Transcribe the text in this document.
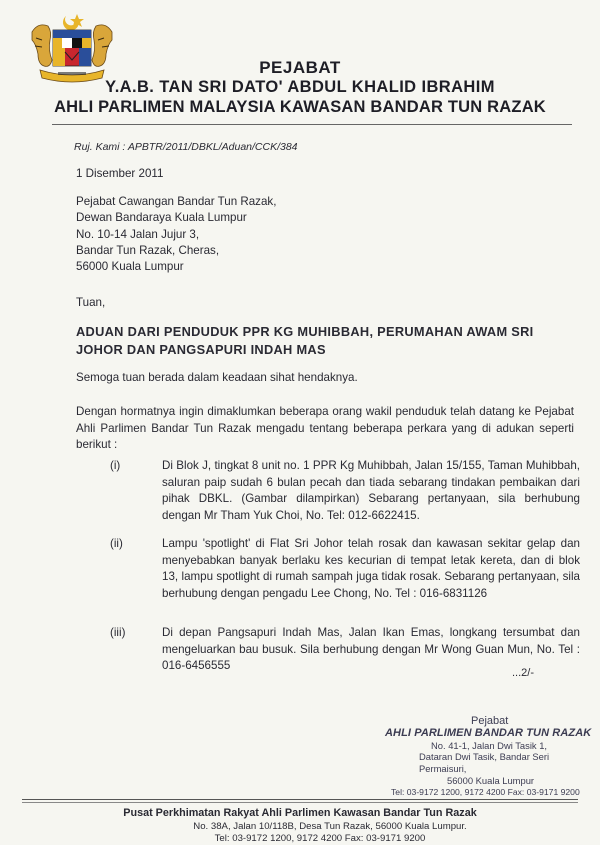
PEJABAT
Y.A.B. TAN SRI DATO' ABDUL KHALID IBRAHIM
AHLI PARLIMEN MALAYSIA KAWASAN BANDAR TUN RAZAK
Ruj. Kami : APBTR/2011/DBKL/Aduan/CCK/384
1 Disember 2011
Pejabat Cawangan Bandar Tun Razak,
Dewan Bandaraya Kuala Lumpur
No. 10-14 Jalan Jujur 3,
Bandar Tun Razak, Cheras,
56000 Kuala Lumpur
Tuan,
ADUAN DARI PENDUDUK PPR KG MUHIBBAH, PERUMAHAN AWAM SRI JOHOR DAN PANGSAPURI INDAH MAS
Semoga tuan berada dalam keadaan sihat hendaknya.
Dengan hormatnya ingin dimaklumkan beberapa orang wakil penduduk telah datang ke Pejabat Ahli Parlimen Bandar Tun Razak mengadu tentang beberapa perkara yang di adukan seperti berikut :
(i)	Di Blok J, tingkat 8 unit no. 1 PPR Kg Muhibbah, Jalan 15/155, Taman Muhibbah, saluran paip sudah 6 bulan pecah dan tiada sebarang tindakan pembaikan dari pihak DBKL. (Gambar dilampirkan) Sebarang pertanyaan, sila berhubung dengan Mr Tham Yuk Choi, No. Tel: 012-6622415.
(ii)	Lampu 'spotlight' di Flat Sri Johor telah rosak dan kawasan sekitar gelap dan menyebabkan banyak berlaku kes kecurian di tempat letak kereta, dan di blok 13, lampu spotlight di rumah sampah juga tidak rosak. Sebarang pertanyaan, sila berhubung dengan pengadu Lee Chong, No. Tel : 016-6831126
(iii)	Di depan Pangsapuri Indah Mas, Jalan Ikan Emas, longkang tersumbat dan mengeluarkan bau busuk. Sila berhubung dengan Mr Wong Guan Mun, No. Tel : 016-6456555
...2/-
Pejabat
AHLI PARLIMEN BANDAR TUN RAZAK
No. 41-1, Jalan Dwi Tasik 1,
Dataran Dwi Tasik, Bandar Seri Permaisuri,
56000 Kuala Lumpur
Tel: 03-9172 1200, 9172 4200 Fax: 03-9171 9200
Pusat Perkhimatan Rakyat Ahli Parlimen Kawasan Bandar Tun Razak
No. 38A, Jalan 10/118B, Desa Tun Razak, 56000 Kuala Lumpur.
Tel: 03-9172 1200, 9172 4200 Fax: 03-9171 9200
